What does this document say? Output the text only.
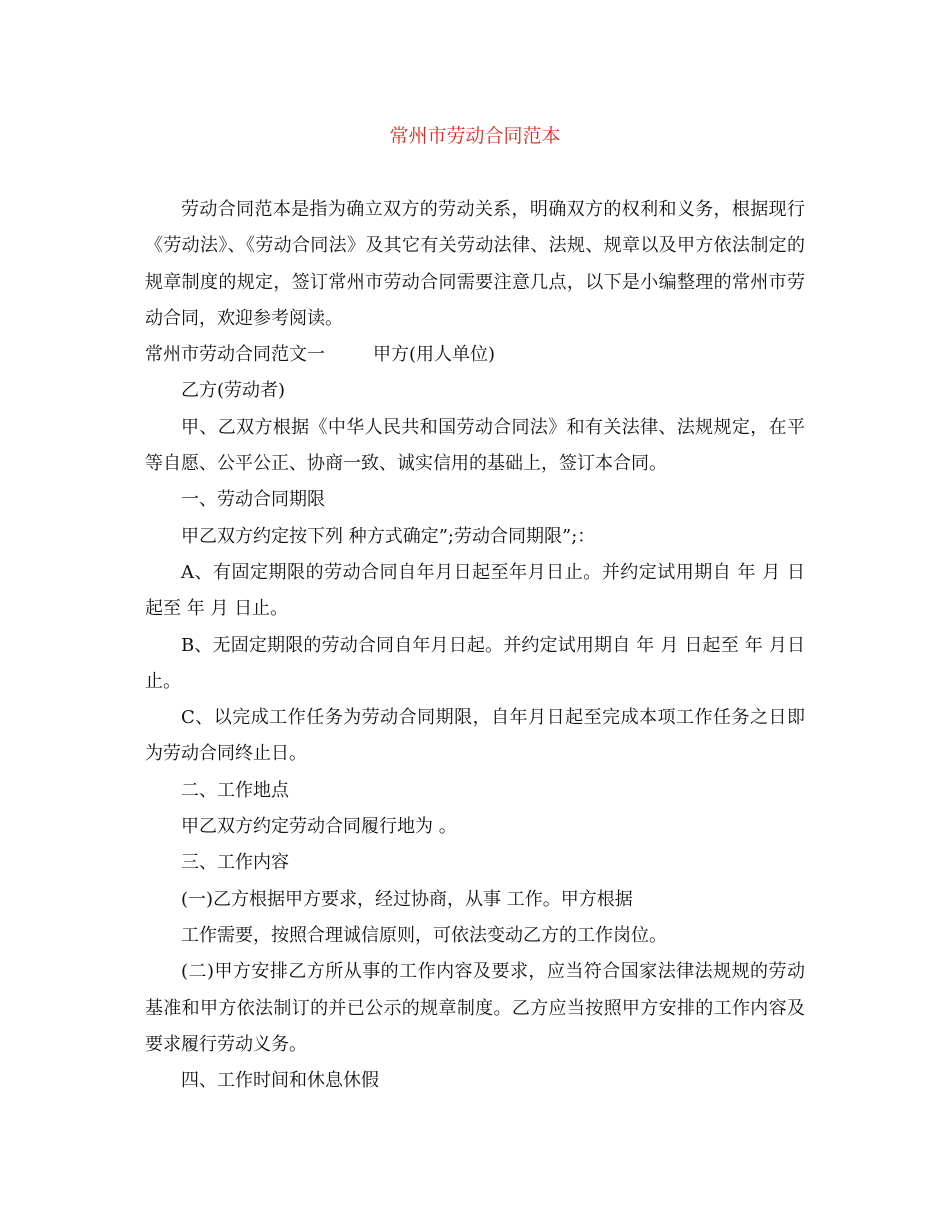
常州市劳动合同范本

劳动合同范本是指为确立双方的劳动关系，明确双方的权利和义务，根据现行《劳动法》、《劳动合同法》及其它有关劳动法律、法规、规章以及甲方依法制定的规章制度的规定，签订常州市劳动合同需要注意几点，以下是小编整理的常州市劳动合同，欢迎参考阅读。

常州市劳动合同范文一	甲方(用人单位)

乙方(劳动者)

甲、乙双方根据《中华人民共和国劳动合同法》和有关法律、法规规定，在平等自愿、公平公正、协商一致、诚实信用的基础上，签订本合同。

一、劳动合同期限

甲乙双方约定按下列 种方式确定”;劳动合同期限”;：

A、有固定期限的劳动合同自年月日起至年月日止。并约定试用期自 年 月 日起至 年 月 日止。

B、无固定期限的劳动合同自年月日起。并约定试用期自 年 月 日起至 年 月日止。

C、以完成工作任务为劳动合同期限，自年月日起至完成本项工作任务之日即为劳动合同终止日。

二、工作地点

甲乙双方约定劳动合同履行地为 。

三、工作内容

(一)乙方根据甲方要求，经过协商，从事 工作。甲方根据

工作需要，按照合理诚信原则，可依法变动乙方的工作岗位。

(二)甲方安排乙方所从事的工作内容及要求，应当符合国家法律法规规的劳动基准和甲方依法制订的并已公示的规章制度。乙方应当按照甲方安排的工作内容及要求履行劳动义务。

四、工作时间和休息休假
